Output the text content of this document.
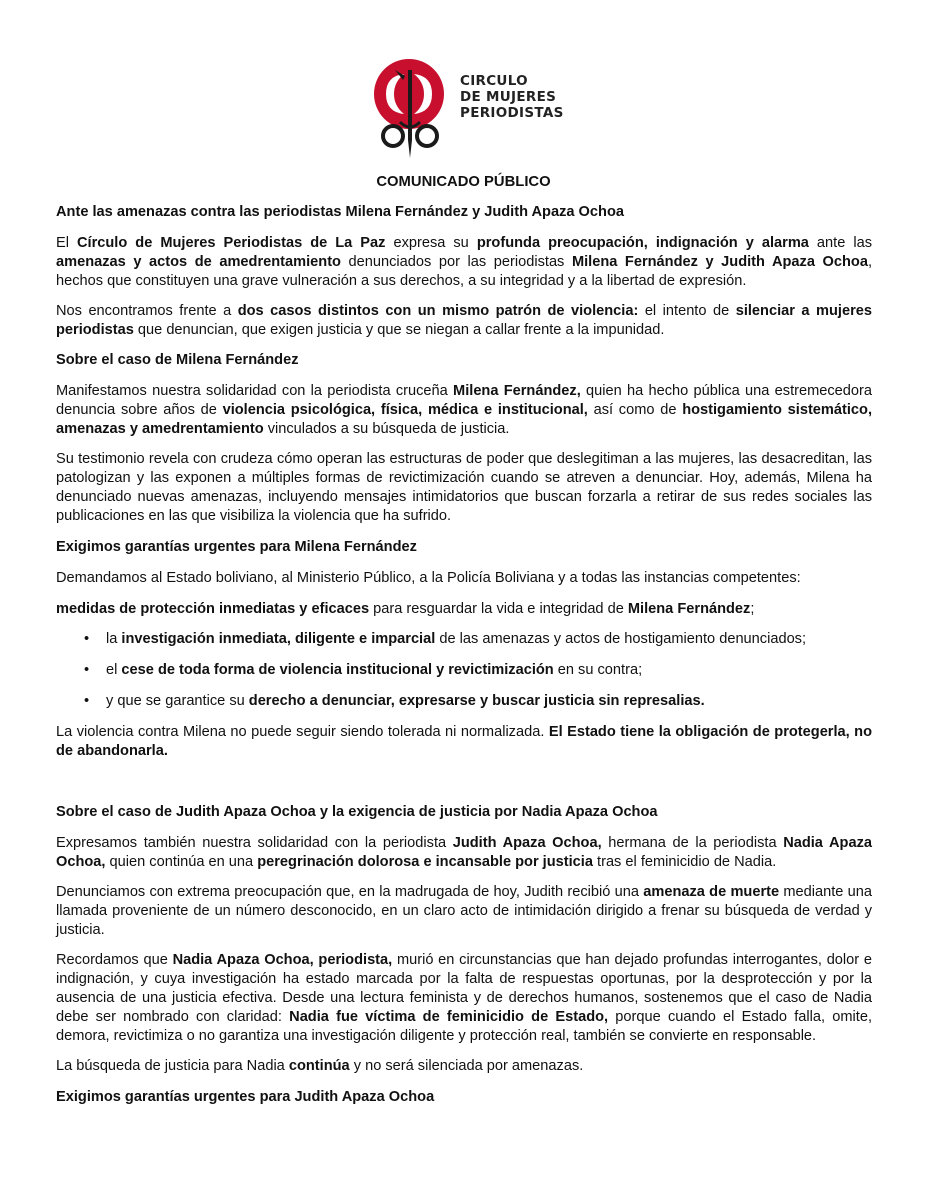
CIRCULO
DE MUJERES
PERIODISTAS
COMUNICADO PÚBLICO

Ante las amenazas contra las periodistas Milena Fernández y Judith Apaza Ochoa

El Círculo de Mujeres Periodistas de La Paz expresa su profunda preocupación, indignación y alarma ante las amenazas y actos de amedrentamiento denunciados por las periodistas Milena Fernández y Judith Apaza Ochoa, hechos que constituyen una grave vulneración a sus derechos, a su integridad y a la libertad de expresión.

Nos encontramos frente a dos casos distintos con un mismo patrón de violencia: el intento de silenciar a mujeres periodistas que denuncian, que exigen justicia y que se niegan a callar frente a la impunidad.

Sobre el caso de Milena Fernández

Manifestamos nuestra solidaridad con la periodista cruceña Milena Fernández, quien ha hecho pública una estremecedora denuncia sobre años de violencia psicológica, física, médica e institucional, así como de hostigamiento sistemático, amenazas y amedrentamiento vinculados a su búsqueda de justicia.

Su testimonio revela con crudeza cómo operan las estructuras de poder que deslegitiman a las mujeres, las desacreditan, las patologizan y las exponen a múltiples formas de revictimización cuando se atreven a denunciar. Hoy, además, Milena ha denunciado nuevas amenazas, incluyendo mensajes intimidatorios que buscan forzarla a retirar de sus redes sociales las publicaciones en las que visibiliza la violencia que ha sufrido.

Exigimos garantías urgentes para Milena Fernández

Demandamos al Estado boliviano, al Ministerio Público, a la Policía Boliviana y a todas las instancias competentes:

medidas de protección inmediatas y eficaces para resguardar la vida e integridad de Milena Fernández;

• la investigación inmediata, diligente e imparcial de las amenazas y actos de hostigamiento denunciados;
• el cese de toda forma de violencia institucional y revictimización en su contra;
• y que se garantice su derecho a denunciar, expresarse y buscar justicia sin represalias.

La violencia contra Milena no puede seguir siendo tolerada ni normalizada. El Estado tiene la obligación de protegerla, no de abandonarla.

Sobre el caso de Judith Apaza Ochoa y la exigencia de justicia por Nadia Apaza Ochoa

Expresamos también nuestra solidaridad con la periodista Judith Apaza Ochoa, hermana de la periodista Nadia Apaza Ochoa, quien continúa en una peregrinación dolorosa e incansable por justicia tras el feminicidio de Nadia.

Denunciamos con extrema preocupación que, en la madrugada de hoy, Judith recibió una amenaza de muerte mediante una llamada proveniente de un número desconocido, en un claro acto de intimidación dirigido a frenar su búsqueda de verdad y justicia.

Recordamos que Nadia Apaza Ochoa, periodista, murió en circunstancias que han dejado profundas interrogantes, dolor e indignación, y cuya investigación ha estado marcada por la falta de respuestas oportunas, por la desprotección y por la ausencia de una justicia efectiva. Desde una lectura feminista y de derechos humanos, sostenemos que el caso de Nadia debe ser nombrado con claridad: Nadia fue víctima de feminicidio de Estado, porque cuando el Estado falla, omite, demora, revictimiza o no garantiza una investigación diligente y protección real, también se convierte en responsable.

La búsqueda de justicia para Nadia continúa y no será silenciada por amenazas.

Exigimos garantías urgentes para Judith Apaza Ochoa
